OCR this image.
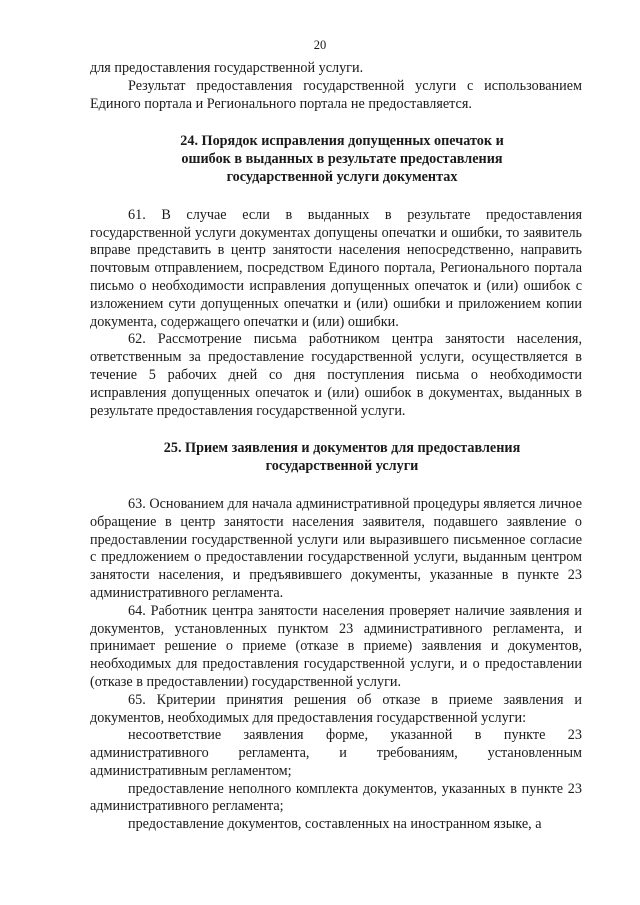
20

для предоставления государственной услуги.

Результат предоставления государственной услуги с использованием Единого портала и Регионального портала не предоставляется.

24. Порядок исправления допущенных опечаток и ошибок в выданных в результате предоставления государственной услуги документах

61. В случае если в выданных в результате предоставления государственной услуги документах допущены опечатки и ошибки, то заявитель вправе представить в центр занятости населения непосредственно, направить почтовым отправлением, посредством Единого портала, Регионального портала письмо о необходимости исправления допущенных опечаток и (или) ошибок с изложением сути допущенных опечатки и (или) ошибки и приложением копии документа, содержащего опечатки и (или) ошибки.

62. Рассмотрение письма работником центра занятости населения, ответственным за предоставление государственной услуги, осуществляется в течение 5 рабочих дней со дня поступления письма о необходимости исправления допущенных опечаток и (или) ошибок в документах, выданных в результате предоставления государственной услуги.

25. Прием заявления и документов для предоставления государственной услуги

63. Основанием для начала административной процедуры является личное обращение в центр занятости населения заявителя, подавшего заявление о предоставлении государственной услуги или выразившего письменное согласие с предложением о предоставлении государственной услуги, выданным центром занятости населения, и предъявившего документы, указанные в пункте 23 административного регламента.

64. Работник центра занятости населения проверяет наличие заявления и документов, установленных пунктом 23 административного регламента, и принимает решение о приеме (отказе в приеме) заявления и документов, необходимых для предоставления государственной услуги, и о предоставлении (отказе в предоставлении) государственной услуги.

65. Критерии принятия решения об отказе в приеме заявления и документов, необходимых для предоставления государственной услуги:

несоответствие заявления форме, указанной в пункте 23 административного регламента, и требованиям, установленным административным регламентом;

предоставление неполного комплекта документов, указанных в пункте 23 административного регламента;

предоставление документов, составленных на иностранном языке, а
